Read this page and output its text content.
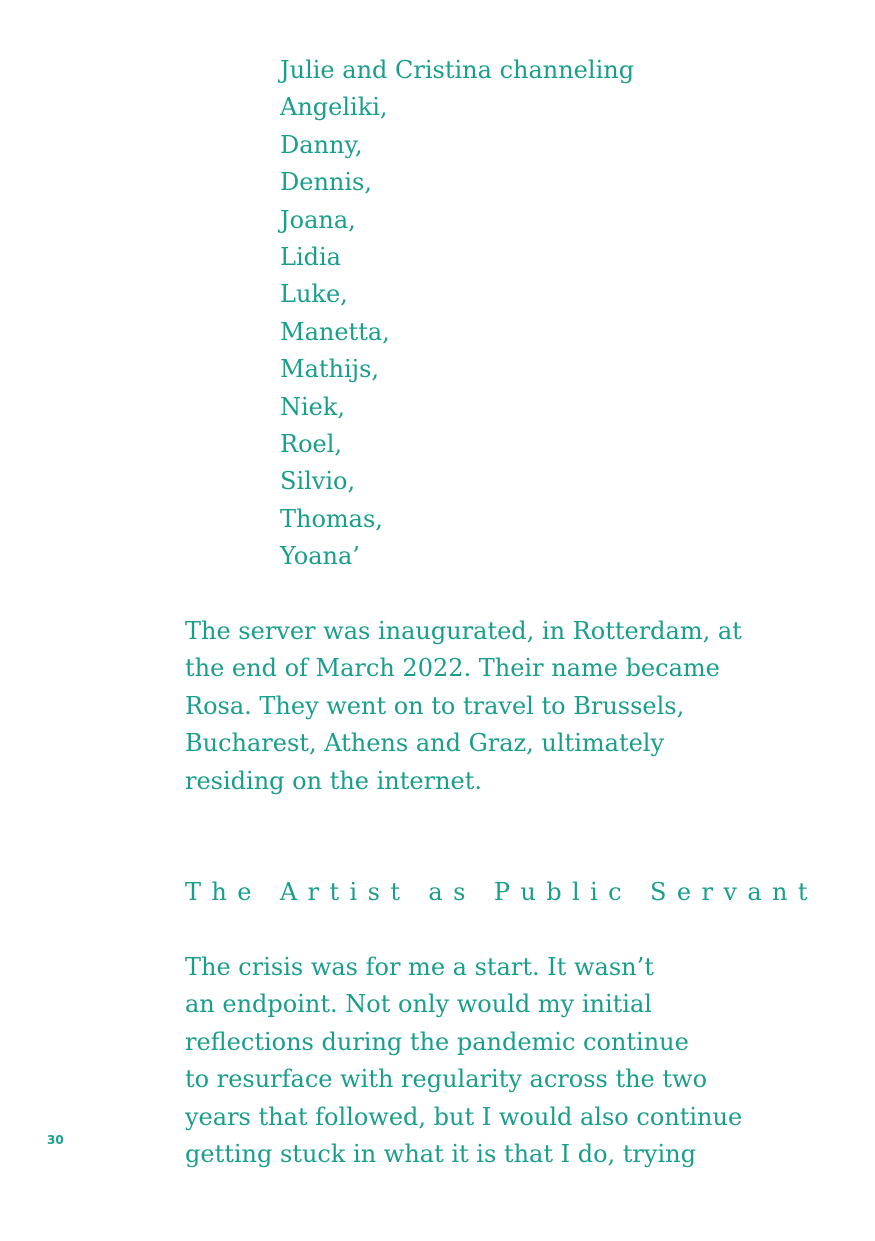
Julie and Cristina channeling
Angeliki,
Danny,
Dennis,
Joana,
Lidia
Luke,
Manetta,
Mathijs,
Niek,
Roel,
Silvio,
Thomas,
Yoana’

The server was inaugurated, in Rotterdam, at
the end of March 2022. Their name became
Rosa. They went on to travel to Brussels,
Bucharest, Athens and Graz, ultimately
residing on the internet.

The Artist as Public Servant

The crisis was for me a start. It wasn’t
an endpoint. Not only would my initial
reflections during the pandemic continue
to resurface with regularity across the two
years that followed, but I would also continue
getting stuck in what it is that I do, trying

30
